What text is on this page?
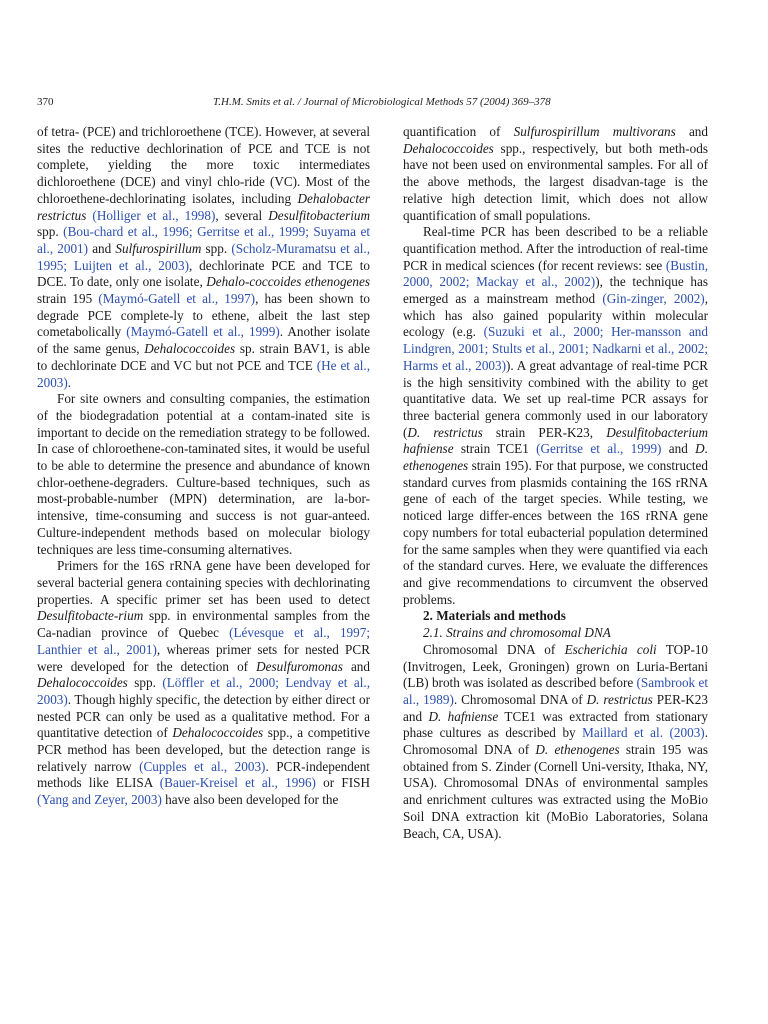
370	T.H.M. Smits et al. / Journal of Microbiological Methods 57 (2004) 369–378

of tetra- (PCE) and trichloroethene (TCE). However, at several sites the reductive dechlorination of PCE and TCE is not complete, yielding the more toxic intermediates dichloroethene (DCE) and vinyl chlo-ride (VC). Most of the chloroethene-dechlorinating isolates, including Dehalobacter restrictus (Holliger et al., 1998), several Desulfitobacterium spp. (Bou-chard et al., 1996; Gerritse et al., 1999; Suyama et al., 2001) and Sulfurospirillum spp. (Scholz-Muramatsu et al., 1995; Luijten et al., 2003), dechlorinate PCE and TCE to DCE. To date, only one isolate, Dehalo-coccoides ethenogenes strain 195 (Maymó-Gatell et al., 1997), has been shown to degrade PCE complete-ly to ethene, albeit the last step cometabolically (Maymó-Gatell et al., 1999). Another isolate of the same genus, Dehalococcoides sp. strain BAV1, is able to dechlorinate DCE and VC but not PCE and TCE (He et al., 2003).

For site owners and consulting companies, the estimation of the biodegradation potential at a contam-inated site is important to decide on the remediation strategy to be followed. In case of chloroethene-con-taminated sites, it would be useful to be able to determine the presence and abundance of known chlor-oethene-degraders. Culture-based techniques, such as most-probable-number (MPN) determination, are la-bor-intensive, time-consuming and success is not guar-anteed. Culture-independent methods based on molecular biology techniques are less time-consuming alternatives.

Primers for the 16S rRNA gene have been developed for several bacterial genera containing species with dechlorinating properties. A specific primer set has been used to detect Desulfitobacte-rium spp. in environmental samples from the Ca-nadian province of Quebec (Lévesque et al., 1997; Lanthier et al., 2001), whereas primer sets for nested PCR were developed for the detection of Desulfuromonas and Dehalococcoides spp. (Löffler et al., 2000; Lendvay et al., 2003). Though highly specific, the detection by either direct or nested PCR can only be used as a qualitative method. For a quantitative detection of Dehalococcoides spp., a competitive PCR method has been developed, but the detection range is relatively narrow (Cupples et al., 2003). PCR-independent methods like ELISA (Bauer-Kreisel et al., 1996) or FISH (Yang and Zeyer, 2003) have also been developed for the

quantification of Sulfurospirillum multivorans and Dehalococcoides spp., respectively, but both meth-ods have not been used on environmental samples. For all of the above methods, the largest disadvan-tage is the relative high detection limit, which does not allow quantification of small populations.

Real-time PCR has been described to be a reliable quantification method. After the introduction of real-time PCR in medical sciences (for recent reviews: see (Bustin, 2000, 2002; Mackay et al., 2002)), the technique has emerged as a mainstream method (Gin-zinger, 2002), which has also gained popularity within molecular ecology (e.g. (Suzuki et al., 2000; Her-mansson and Lindgren, 2001; Stults et al., 2001; Nadkarni et al., 2002; Harms et al., 2003)). A great advantage of real-time PCR is the high sensitivity combined with the ability to get quantitative data. We set up real-time PCR assays for three bacterial genera commonly used in our laboratory (D. restrictus strain PER-K23, Desulfitobacterium hafniense strain TCE1 (Gerritse et al., 1999) and D. ethenogenes strain 195). For that purpose, we constructed standard curves from plasmids containing the 16S rRNA gene of each of the target species. While testing, we noticed large differ-ences between the 16S rRNA gene copy numbers for total eubacterial population determined for the same samples when they were quantified via each of the standard curves. Here, we evaluate the differences and give recommendations to circumvent the observed problems.

2. Materials and methods

2.1. Strains and chromosomal DNA

Chromosomal DNA of Escherichia coli TOP-10 (Invitrogen, Leek, Groningen) grown on Luria-Bertani (LB) broth was isolated as described before (Sambrook et al., 1989). Chromosomal DNA of D. restrictus PER-K23 and D. hafniense TCE1 was extracted from stationary phase cultures as described by Maillard et al. (2003). Chromosomal DNA of D. ethenogenes strain 195 was obtained from S. Zinder (Cornell Uni-versity, Ithaka, NY, USA). Chromosomal DNAs of environmental samples and enrichment cultures was extracted using the MoBio Soil DNA extraction kit (MoBio Laboratories, Solana Beach, CA, USA).
